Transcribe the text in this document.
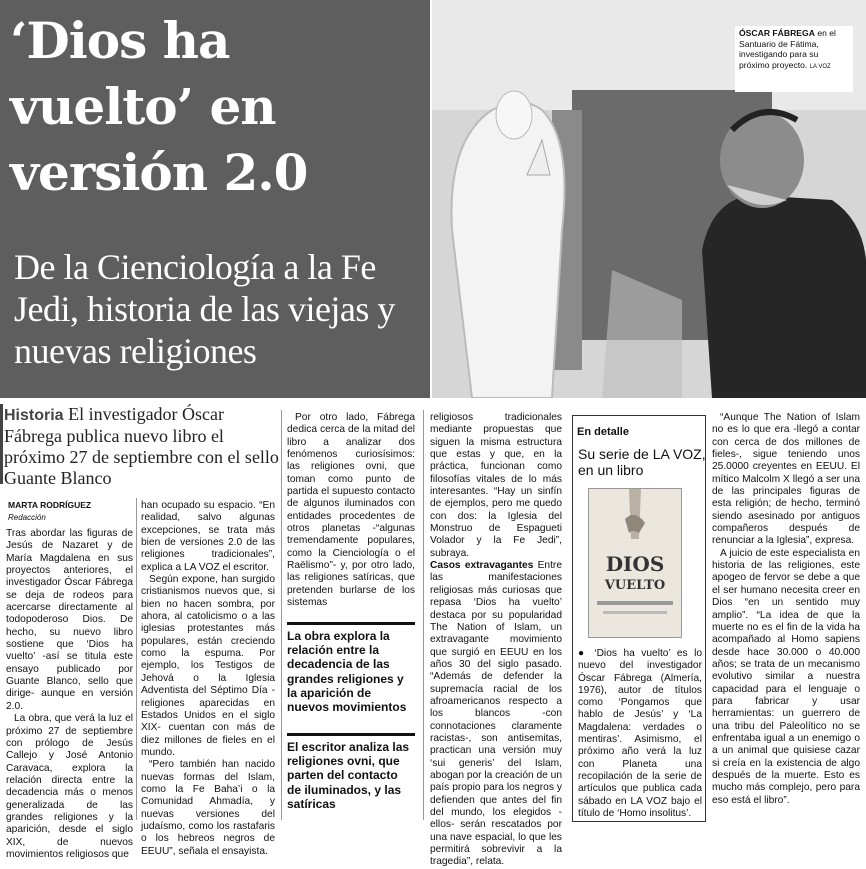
‘Dios ha vuelto’ en versión 2.0
De la Cienciología a la Fe Jedi, historia de las viejas y nuevas religiones
ÓSCAR FÁBREGA en el Santuario de Fátima, investigando para su próximo proyecto. LA VOZ
Historia El investigador Óscar Fábrega publica nuevo libro el próximo 27 de septiembre con el sello Guante Blanco
MARTA RODRÍGUEZ
Redacción

Tras abordar las figuras de Jesús de Nazaret y de María Magdalena en sus proyectos anteriores, el investigador Óscar Fábrega se deja de rodeos para acercarse directamente al todopoderoso Dios. De hecho, su nuevo libro sostiene que ‘Dios ha vuelto’ -así se titula este ensayo publicado por Guante Blanco, sello que dirige- aunque en versión 2.0.

La obra, que verá la luz el próximo 27 de septiembre con prólogo de Jesús Callejo y José Antonio Caravaca, explora la relación directa entre la decadencia más o menos generalizada de las grandes religiones y la aparición, desde el siglo XIX, de nuevos movimientos religiosos que

han ocupado su espacio. “En realidad, salvo algunas excepciones, se trata más bien de versiones 2.0 de las religiones tradicionales”, explica a LA VOZ el escritor.

Según expone, han surgido cristianismos nuevos que, si bien no hacen sombra, por ahora, al catolicismo o a las iglesias protestantes más populares, están creciendo como la espuma. Por ejemplo, los Testigos de Jehová o la Iglesia Adventista del Séptimo Día -religiones aparecidas en Estados Unidos en el siglo XIX- cuentan con más de diez millones de fieles en el mundo.

“Pero también han nacido nuevas formas del Islam, como la Fe Baha’i o la Comunidad Ahmadía, y nuevas versiones del judaísmo, como los rastafaris o los hebreos negros de EEUU”, señala el ensayista.

Por otro lado, Fábrega dedica cerca de la mitad del libro a analizar dos fenómenos curiosísimos: las religiones ovni, que toman como punto de partida el supuesto contacto de algunos iluminados con entidades procedentes de otros planetas -“algunas tremendamente populares, como la Cienciología o el Raëlismo”- y, por otro lado, las religiones satíricas, que pretenden burlarse de los sistemas

La obra explora la relación entre la decadencia de las grandes religiones y la aparición de nuevos movimientos
El escritor analiza las religiones ovni, que parten del contacto de iluminados, y las satíricas

religiosos tradicionales mediante propuestas que siguen la misma estructura que estas y que, en la práctica, funcionan como filosofías vitales de lo más interesantes. “Hay un sinfín de ejemplos, pero me quedo con dos: la Iglesia del Monstruo de Espagueti Volador y la Fe Jedi”, subraya.

Casos extravagantes Entre las manifestaciones religiosas más curiosas que repasa ‘Dios ha vuelto’ destaca por su popularidad The Nation of Islam, un extravagante movimiento que surgió en EEUU en los años 30 del siglo pasado. “Además de defender la supremacía racial de los afroamericanos respecto a los blancos -con connotaciones claramente racistas-, son antisemitas, practican una versión muy ‘sui generis’ del Islam, abogan por la creación de un país propio para los negros y defienden que antes del fin del mundo, los elegidos -ellos- serán rescatados por una nave espacial, lo que les permitirá sobrevivir a la tragedia”, relata.

En detalle
Su serie de LA VOZ, en un libro
DIOS
VUELTO

● ‘Dios ha vuelto’ es lo nuevo del investigador Óscar Fábrega (Almería, 1976), autor de títulos como ‘Pongamos que hablo de Jesús’ y ‘La Magdalena: verdades o mentiras’. Asimismo, el próximo año verá la luz con Planeta una recopilación de la serie de artículos que publica cada sábado en LA VOZ bajo el título de ‘Homo insolitus’.

“Aunque The Nation of Islam no es lo que era -llegó a contar con cerca de dos millones de fieles-, sigue teniendo unos 25.0000 creyentes en EEUU. El mítico Malcolm X llegó a ser una de las principales figuras de esta religión; de hecho, terminó siendo asesinado por antiguos compañeros después de renunciar a la Iglesia”, expresa.

A juicio de este especialista en historia de las religiones, este apogeo de fervor se debe a que el ser humano necesita creer en Dios “en un sentido muy amplio”. “La idea de que la muerte no es el fin de la vida ha acompañado al Homo sapiens desde hace 30.000 o 40.000 años; se trata de un mecanismo evolutivo similar a nuestra capacidad para el lenguaje o para fabricar y usar herramientas: un guerrero de una tribu del Paleolítico no se enfrentaba igual a un enemigo o a un animal que quisiese cazar si creía en la existencia de algo después de la muerte. Esto es mucho más complejo, pero para eso está el libro”.
